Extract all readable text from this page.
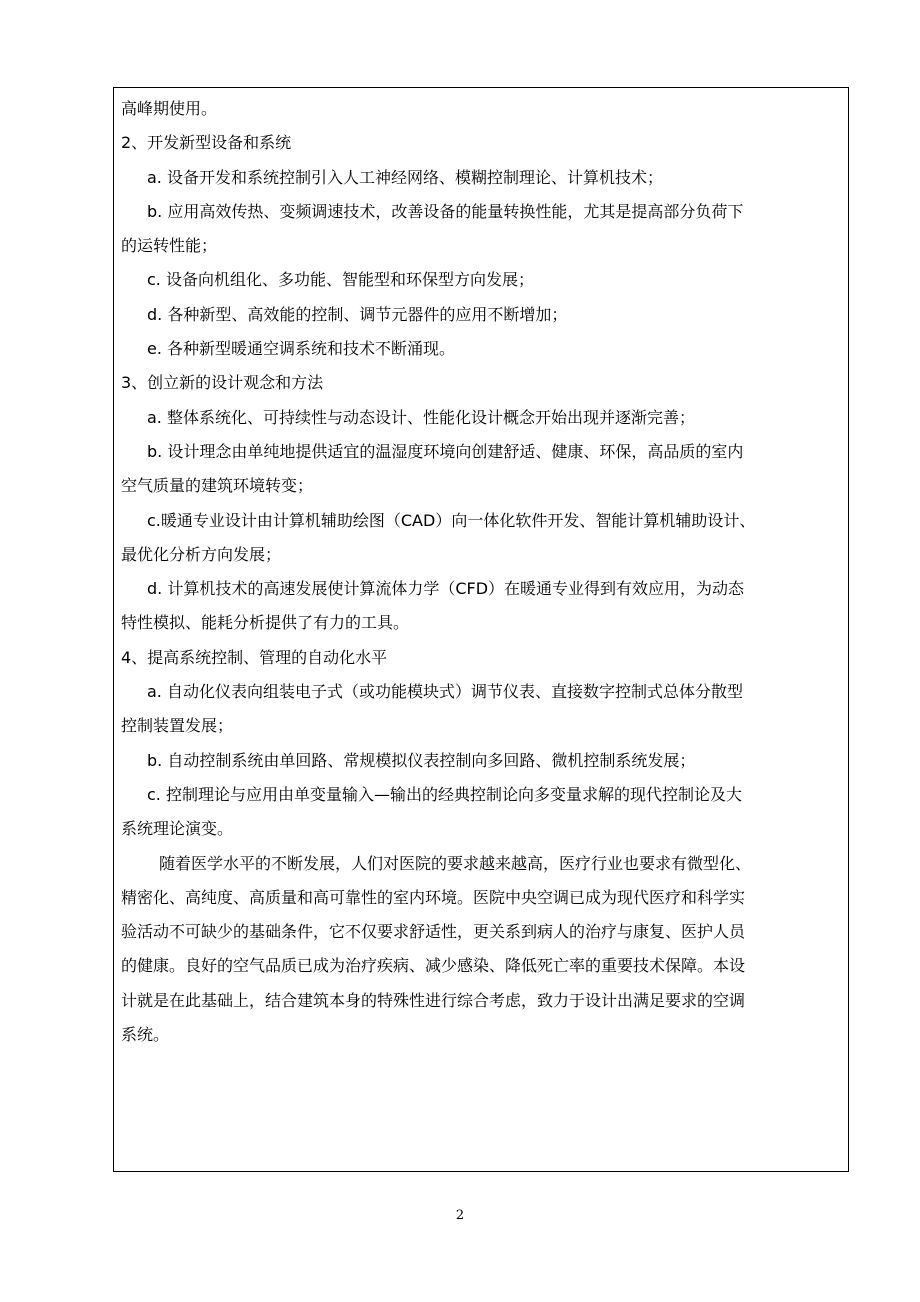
高峰期使用。

2、开发新型设备和系统

a. 设备开发和系统控制引入人工神经网络、模糊控制理论、计算机技术；

b. 应用高效传热、变频调速技术，改善设备的能量转换性能，尤其是提高部分负荷下

的运转性能；

c. 设备向机组化、多功能、智能型和环保型方向发展；

d. 各种新型、高效能的控制、调节元器件的应用不断增加；

e. 各种新型暖通空调系统和技术不断涌现。

3、创立新的设计观念和方法

a. 整体系统化、可持续性与动态设计、性能化设计概念开始出现并逐渐完善；

b. 设计理念由单纯地提供适宜的温湿度环境向创建舒适、健康、环保，高品质的室内

空气质量的建筑环境转变；

c.暖通专业设计由计算机辅助绘图（CAD）向一体化软件开发、智能计算机辅助设计、

最优化分析方向发展；

d. 计算机技术的高速发展使计算流体力学（CFD）在暖通专业得到有效应用，为动态

特性模拟、能耗分析提供了有力的工具。

4、提高系统控制、管理的自动化水平

a. 自动化仪表向组装电子式（或功能模块式）调节仪表、直接数字控制式总体分散型

控制装置发展；

b. 自动控制系统由单回路、常规模拟仪表控制向多回路、微机控制系统发展；

c. 控制理论与应用由单变量输入—输出的经典控制论向多变量求解的现代控制论及大

系统理论演变。

随着医学水平的不断发展，人们对医院的要求越来越高，医疗行业也要求有微型化、

精密化、高纯度、高质量和高可靠性的室内环境。医院中央空调已成为现代医疗和科学实

验活动不可缺少的基础条件，它不仅要求舒适性，更关系到病人的治疗与康复、医护人员

的健康。良好的空气品质已成为治疗疾病、减少感染、降低死亡率的重要技术保障。本设

计就是在此基础上，结合建筑本身的特殊性进行综合考虑，致力于设计出满足要求的空调

系统。

2
